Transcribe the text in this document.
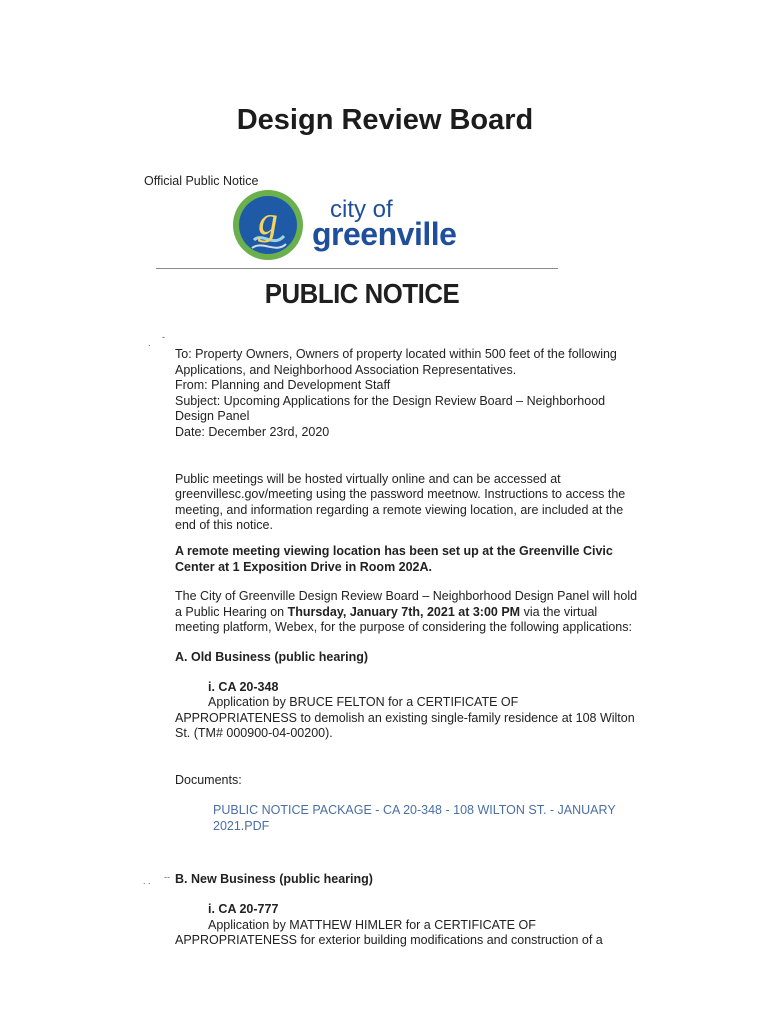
Design Review Board
Official Public Notice
g city of
greenville
PUBLIC NOTICE
.
-

To: Property Owners, Owners of property located within 500 feet of the following Applications, and Neighborhood Association Representatives.

From: Planning and Development Staff

Subject: Upcoming Applications for the Design Review Board – Neighborhood Design Panel

Date: December 23rd, 2020

Public meetings will be hosted virtually online and can be accessed at greenvillesc.gov/meeting using the password meetnow. Instructions to access the meeting, and information regarding a remote viewing location, are included at the end of this notice.

A remote meeting viewing location has been set up at the Greenville Civic Center at 1 Exposition Drive in Room 202A.

The City of Greenville Design Review Board – Neighborhood Design Panel will hold a Public Hearing on Thursday, January 7th, 2021 at 3:00 PM via the virtual meeting platform, Webex, for the purpose of considering the following applications:

A. Old Business (public hearing)

i. CA 20-348

Application by BRUCE FELTON for a CERTIFICATE OF

APPROPRIATENESS to demolish an existing single-family residence at 108 Wilton St. (TM# 000900-04-00200).

Documents:

PUBLIC NOTICE PACKAGE - CA 20-348 - 108 WILTON ST. - JANUARY 2021.PDF

B. New Business (public hearing)

i. CA 20-777

Application by MATTHEW HIMLER for a CERTIFICATE OF

APPROPRIATENESS for exterior building modifications and construction of a

. . --
